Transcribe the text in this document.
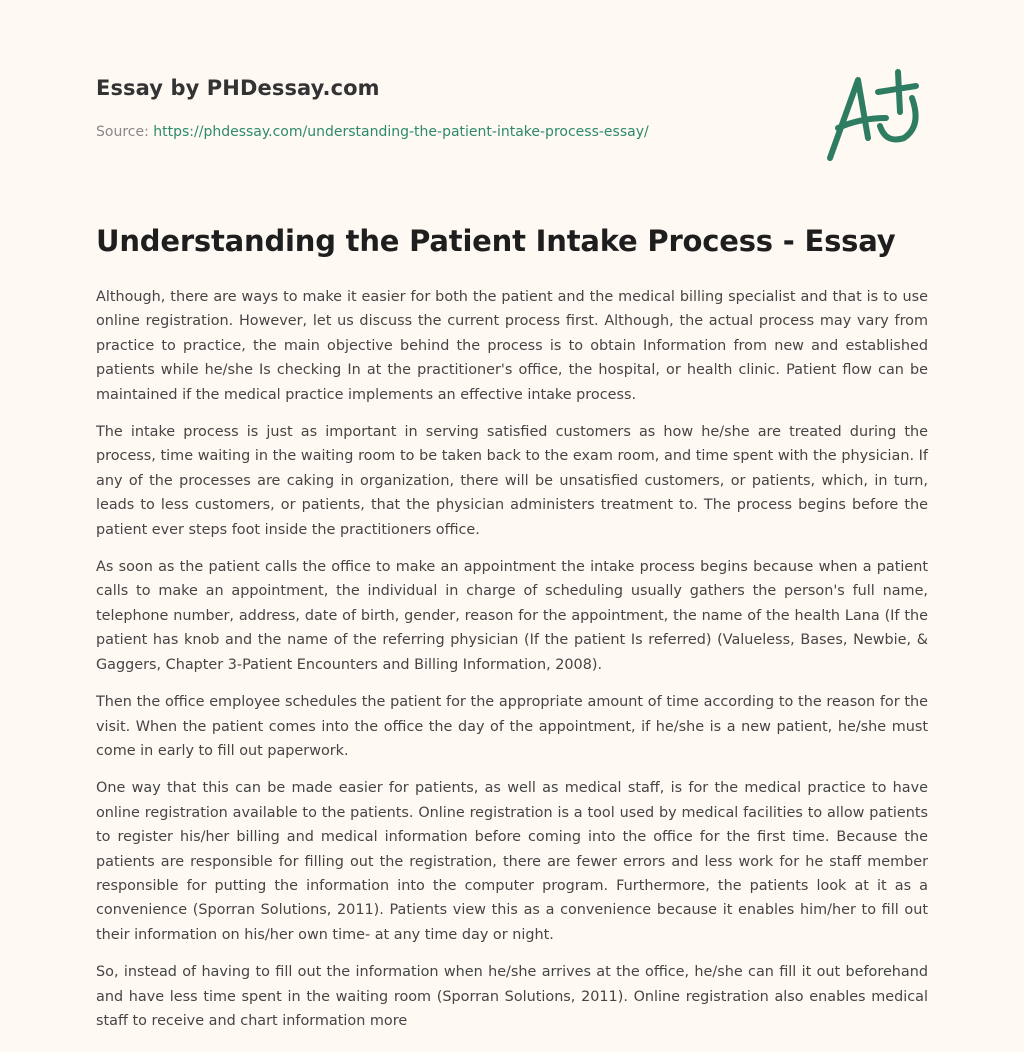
Essay by PHDessay.com

Source: https://phdessay.com/understanding-the-patient-intake-process-essay/
Understanding the Patient Intake Process - Essay

Although, there are ways to make it easier for both the patient and the medical billing specialist and that is to use online registration. However, let us discuss the current process first. Although, the actual process may vary from practice to practice, the main objective behind the process is to obtain Information from new and established patients while he/she Is checking In at the practitioner's office, the hospital, or health clinic. Patient flow can be maintained if the medical practice implements an effective intake process.

The intake process is just as important in serving satisfied customers as how he/she are treated during the process, time waiting in the waiting room to be taken back to the exam room, and time spent with the physician. If any of the processes are caking in organization, there will be unsatisfied customers, or patients, which, in turn, leads to less customers, or patients, that the physician administers treatment to. The process begins before the patient ever steps foot inside the practitioners office.

As soon as the patient calls the office to make an appointment the intake process begins because when a patient calls to make an appointment, the individual in charge of scheduling usually gathers the person's full name, telephone number, address, date of birth, gender, reason for the appointment, the name of the health Lana (If the patient has knob and the name of the referring physician (If the patient Is referred) (Valueless, Bases, Newbie, & Gaggers, Chapter 3-Patient Encounters and Billing Information, 2008).

Then the office employee schedules the patient for the appropriate amount of time according to the reason for the visit. When the patient comes into the office the day of the appointment, if he/she is a new patient, he/she must come in early to fill out paperwork.

One way that this can be made easier for patients, as well as medical staff, is for the medical practice to have online registration available to the patients. Online registration is a tool used by medical facilities to allow patients to register his/her billing and medical information before coming into the office for the first time. Because the patients are responsible for filling out the registration, there are fewer errors and less work for he staff member responsible for putting the information into the computer program. Furthermore, the patients look at it as a convenience (Sporran Solutions, 2011). Patients view this as a convenience because it enables him/her to fill out their information on his/her own time- at any time day or night.

So, instead of having to fill out the information when he/she arrives at the office, he/she can fill it out beforehand and have less time spent in the waiting room (Sporran Solutions, 2011). Online registration also enables medical staff to receive and chart information more
